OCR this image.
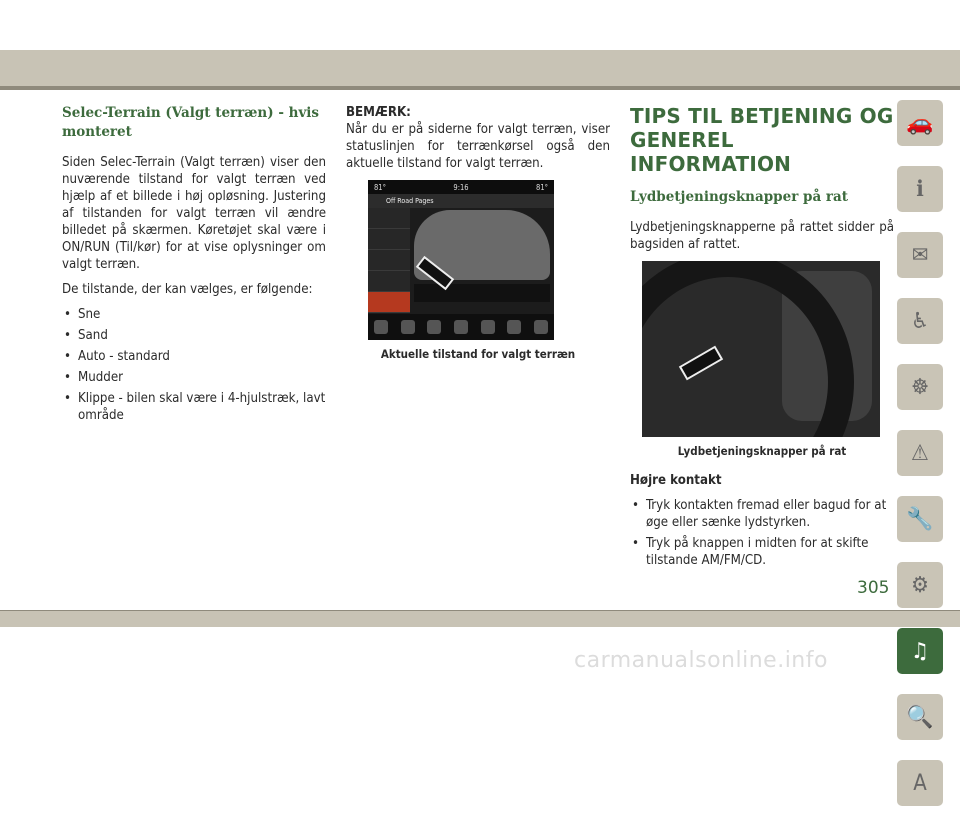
Selec-Terrain (Valgt terræn) - hvis monteret

Siden Selec-Terrain (Valgt terræn) viser den nuværende tilstand for valgt terræn ved hjælp af et billede i høj opløsning. Justering af tilstanden for valgt terræn vil ændre billedet på skærmen. Køretøjet skal være i ON/RUN (Til/kør) for at vise oplysninger om valgt terræn.

De tilstande, der kan vælges, er følgende:

• Sne
• Sand
• Auto - standard
• Mudder
• Klippe - bilen skal være i 4-hjulstræk, lavt område
BEMÆRK:

Når du er på siderne for valgt terræn, viser statuslinjen for terrænkørsel også den aktuelle tilstand for valgt terræn.

81°	9:16	81°
Off Road Pages
Aktuelle tilstand for valgt terræn
TIPS TIL BETJENING OG GENEREL INFORMATION
Lydbetjeningsknapper på rat

Lydbetjeningsknapperne på rattet sidder på bagsiden af rattet.

Lydbetjeningsknapper på rat
Højre kontakt
• Tryk kontakten fremad eller bagud for at øge eller sænke lydstyrken.
• Tryk på knappen i midten for at skifte tilstande AM/FM/CD.
🚗
ℹ
✉
♿
☸
⚠
🔧
⚙
♫
🔍
A
305
carmanualsonline.info
